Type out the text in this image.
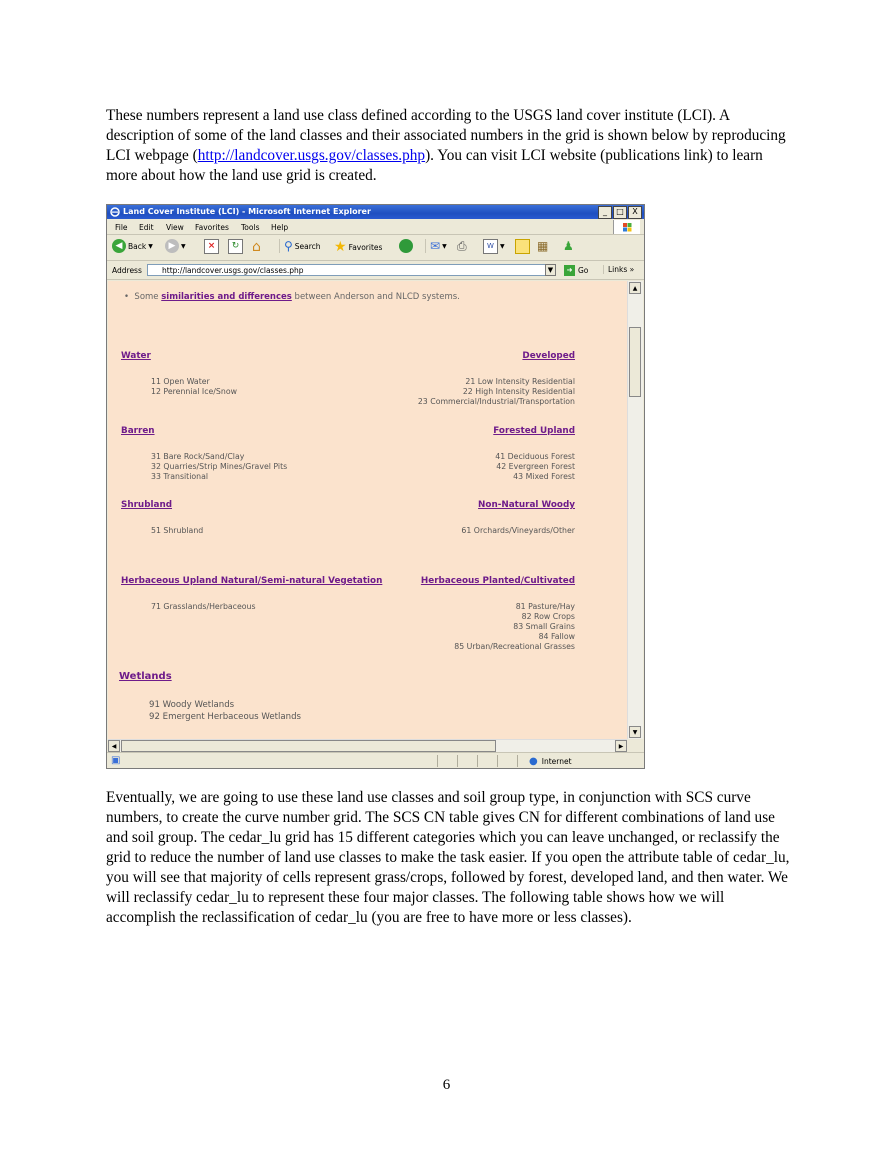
These numbers represent a land use class defined according to the USGS land cover institute (LCI). A description of some of the land classes and their associated numbers in the grid is shown below by reproducing LCI webpage (http://landcover.usgs.gov/classes.php). You can visit LCI website (publications link) to learn more about how the land use grid is created.
Land Cover Institute (LCI) - Microsoft Internet Explorer	_	□	X
File Edit View Favorites Tools Help
◀ Back ▼	▶ ▼	×	↻ ⌂ ⚲ Search ★ Favorites	✉ ▼ ⎙	W	▼	▦ ♟
Address	http://landcover.usgs.gov/classes.php	▼	➜ Go	Links »
•  Some similarities and differences between Anderson and NLCD systems.
Water
11 Open Water
12 Perennial Ice/Snow
Developed
21 Low Intensity Residential
22 High Intensity Residential
23 Commercial/Industrial/Transportation
Barren
31 Bare Rock/Sand/Clay
32 Quarries/Strip Mines/Gravel Pits
33 Transitional
Forested Upland
41 Deciduous Forest
42 Evergreen Forest
43 Mixed Forest
Shrubland
51 Shrubland
Non-Natural Woody
61 Orchards/Vineyards/Other
Herbaceous Upland Natural/Semi-natural Vegetation
71 Grasslands/Herbaceous
Herbaceous Planted/Cultivated
81 Pasture/Hay
82 Row Crops
83 Small Grains
84 Fallow
85 Urban/Recreational Grasses
Wetlands
91 Woody Wetlands
92 Emergent Herbaceous Wetlands
▲
▼
◀	▶
▣	● Internet
Eventually, we are going to use these land use classes and soil group type, in conjunction with SCS curve numbers, to create the curve number grid. The SCS CN table gives CN for different combinations of land use and soil group. The cedar_lu grid has 15 different categories which you can leave unchanged, or reclassify the grid to reduce the number of land use classes to make the task easier. If you open the attribute table of cedar_lu, you will see that majority of cells represent grass/crops, followed by forest, developed land, and then water. We will reclassify cedar_lu to represent these four major classes. The following table shows how we will accomplish the reclassification of cedar_lu (you are free to have more or less classes).
6
